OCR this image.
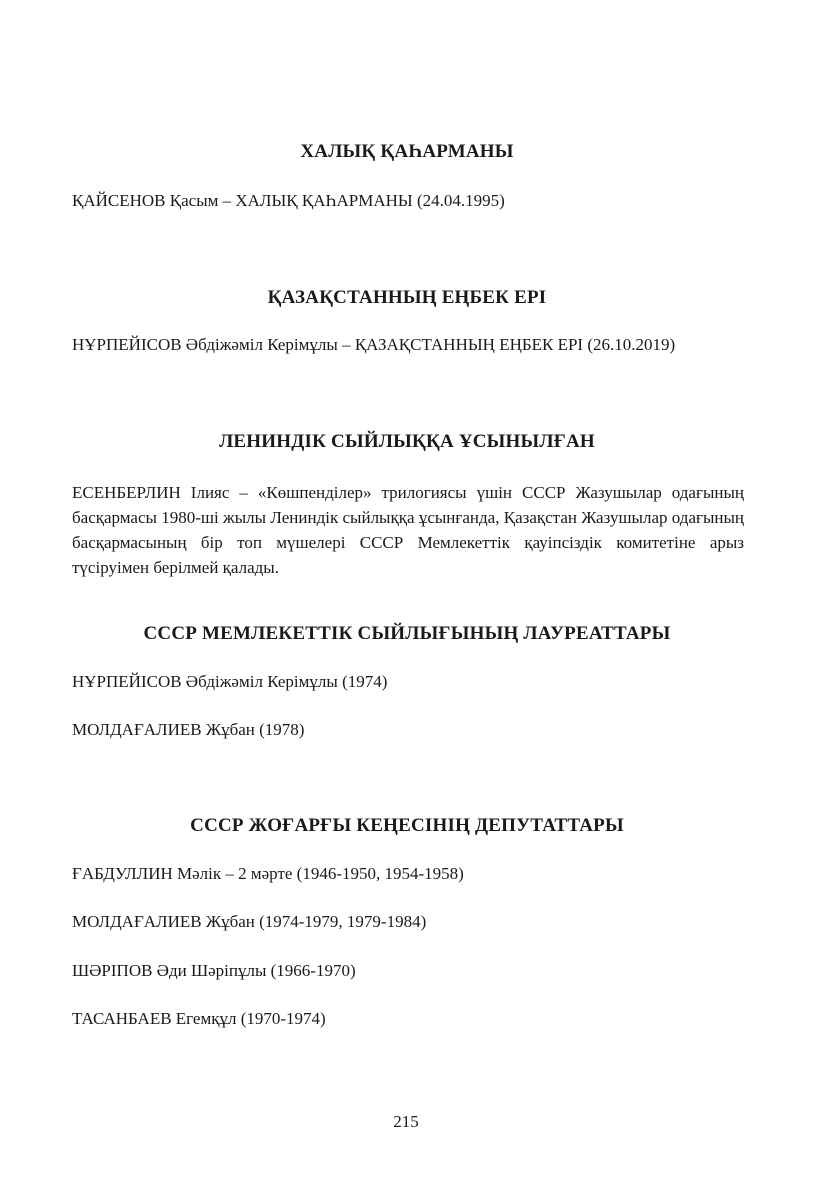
ХАЛЫҚ ҚАҺАРМАНЫ

ҚАЙСЕНОВ Қасым – ХАЛЫҚ ҚАҺАРМАНЫ (24.04.1995)

ҚАЗАҚСТАННЫҢ ЕҢБЕК ЕРІ

НҰРПЕЙІСОВ Әбдіжәміл Керімұлы – ҚАЗАҚСТАННЫҢ ЕҢБЕК ЕРІ (26.10.2019)

ЛЕНИНДІК СЫЙЛЫҚҚА ҰСЫНЫЛҒАН

ЕСЕНБЕРЛИН Ілияс – «Көшпенділер» трилогиясы үшін СССР Жазушылар одағының басқармасы 1980-ші жылы Лениндік сыйлыққа ұсынғанда, Қазақстан Жазушылар одағының басқармасының бір топ мүшелері СССР Мемлекеттік қауіпсіздік комитетіне арыз түсіруімен берілмей қалады.

СССР МЕМЛЕКЕТТІК СЫЙЛЫҒЫНЫҢ ЛАУРЕАТТАРЫ

НҰРПЕЙІСОВ Әбдіжәміл Керімұлы (1974)

МОЛДАҒАЛИЕВ Жұбан (1978)

СССР ЖОҒАРҒЫ КЕҢЕСІНІҢ ДЕПУТАТТАРЫ

ҒАБДУЛЛИН Мәлік – 2 мәрте (1946-1950, 1954-1958)

МОЛДАҒАЛИЕВ Жұбан (1974-1979, 1979-1984)

ШӘРІПОВ Әди Шәріпұлы (1966-1970)

ТАСАНБАЕВ Егемқұл (1970-1974)

215
